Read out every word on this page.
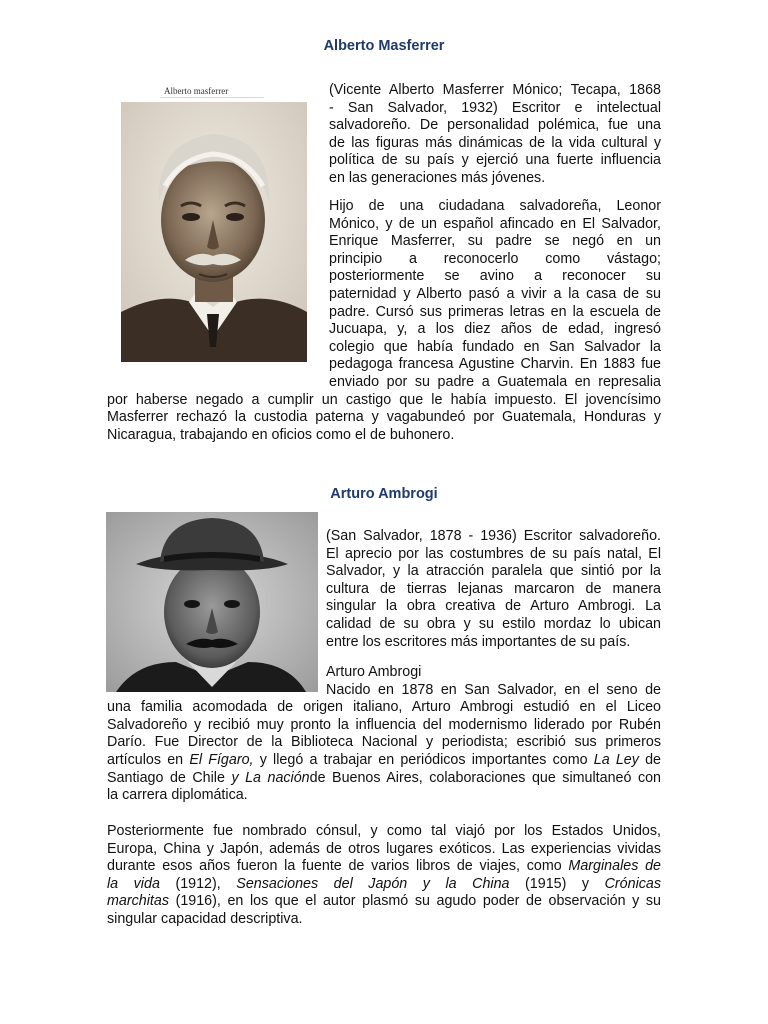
Alberto Masferrer
Alberto masferrer	(Vicente Alberto Masferrer Mónico; Tecapa, 1868
- San Salvador, 1932) Escritor e intelectual
salvadoreño. De personalidad polémica, fue una
de las figuras más dinámicas de la vida cultural y
política de su país y ejerció una fuerte influencia
en las generaciones más jóvenes.

Hijo de una ciudadana salvadoreña, Leonor
Mónico, y de un español afincado en El Salvador,
Enrique Masferrer, su padre se negó en un
principio a reconocerlo como vástago;
posteriormente se avino a reconocer su
paternidad y Alberto pasó a vivir a la casa de su
padre. Cursó sus primeras letras en la escuela de
Jucuapa, y, a los diez años de edad, ingresó
colegio que había fundado en San Salvador la
pedagoga francesa Agustine Charvin. En 1883 fue
enviado por su padre a Guatemala en represalia

por haberse negado a cumplir un castigo que le había impuesto. El jovencísimo
Masferrer rechazó la custodia paterna y vagabundeó por Guatemala, Honduras y
Nicaragua, trabajando en oficios como el de buhonero.

Arturo Ambrogi

(San Salvador, 1878 - 1936) Escritor salvadoreño.
El aprecio por las costumbres de su país natal, El
Salvador, y la atracción paralela que sintió por la
cultura de tierras lejanas marcaron de manera
singular la obra creativa de Arturo Ambrogi. La
calidad de su obra y su estilo mordaz lo ubican
entre los escritores más importantes de su país.

Arturo Ambrogi

Nacido en 1878 en San Salvador, en el seno de

una familia acomodada de origen italiano, Arturo Ambrogi estudió en el Liceo
Salvadoreño y recibió muy pronto la influencia del modernismo liderado por Rubén
Darío. Fue Director de la Biblioteca Nacional y periodista; escribió sus primeros
artículos en El Fígaro, y llegó a trabajar en periódicos importantes como La Ley de
Santiago de Chile y La naciónde Buenos Aires, colaboraciones que simultaneó con
la carrera diplomática.

Posteriormente fue nombrado cónsul, y como tal viajó por los Estados Unidos,
Europa, China y Japón, además de otros lugares exóticos. Las experiencias vividas
durante esos años fueron la fuente de varios libros de viajes, como Marginales de
la vida (1912), Sensaciones del Japón y la China (1915) y Crónicas
marchitas (1916), en los que el autor plasmó su agudo poder de observación y su
singular capacidad descriptiva.
